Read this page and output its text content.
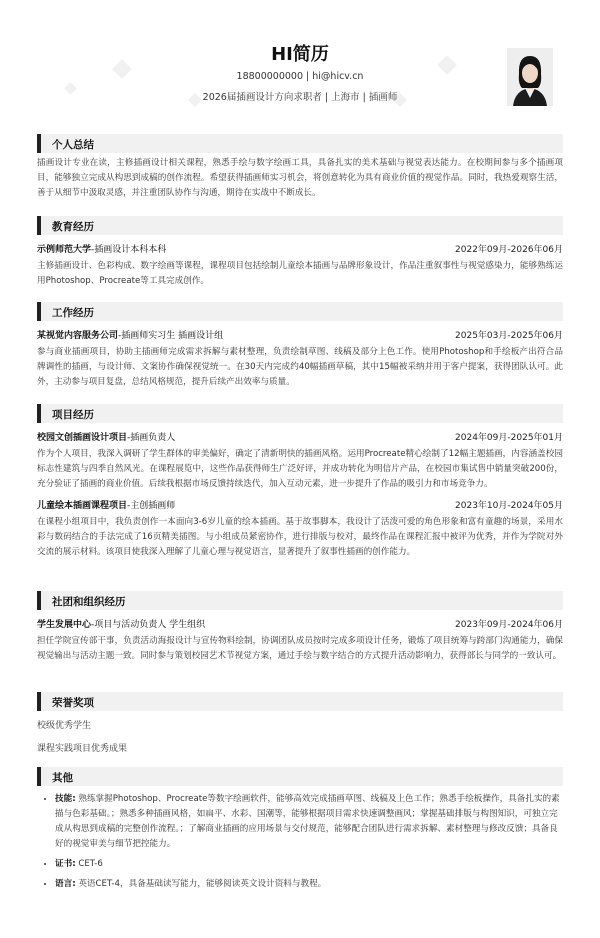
HI简历
18800000000 | hi@hicv.cn
2026届插画设计方向求职者 | 上海市 | 插画师
个人总结
插画设计专业在读，主修插画设计相关课程，熟悉手绘与数字绘画工具，具备扎实的美术基础与视觉表达能力。在校期间参与多个插画项目，能够独立完成从构思到成稿的创作流程。希望获得插画师实习机会，将创意转化为具有商业价值的视觉作品。同时，我热爱观察生活，善于从细节中汲取灵感，并注重团队协作与沟通，期待在实战中不断成长。
教育经历
示例师范大学-插画设计本科本科	2022年09月-2026年06月
主修插画设计、色彩构成、数字绘画等课程，课程项目包括绘制儿童绘本插画与品牌形象设计，作品注重叙事性与视觉感染力，能够熟练运用Photoshop、Procreate等工具完成创作。
工作经历
某视觉内容服务公司-插画师实习生 插画设计组	2025年03月-2025年06月
参与商业插画项目，协助主插画师完成需求拆解与素材整理，负责绘制草图、线稿及部分上色工作。使用Photoshop和手绘板产出符合品牌调性的插画，与设计师、文案协作确保视觉统一。在30天内完成约40幅插画草稿，其中15幅被采纳并用于客户提案，获得团队认可。此外，主动参与项目复盘，总结风格规范，提升后续产出效率与质量。
项目经历
校园文创插画设计项目-插画负责人	2024年09月-2025年01月
作为个人项目，我深入调研了学生群体的审美偏好，确定了清新明快的插画风格。运用Procreate精心绘制了12幅主题插画，内容涵盖校园标志性建筑与四季自然风光。在课程展览中，这些作品获得师生广泛好评，并成功转化为明信片产品，在校园市集试售中销量突破200份，充分验证了插画的商业价值。后续我根据市场反馈持续迭代，加入互动元素，进一步提升了作品的吸引力和市场竞争力。
儿童绘本插画课程项目-主创插画师	2023年10月-2024年05月
在课程小组项目中，我负责创作一本面向3-6岁儿童的绘本插画。基于故事脚本，我设计了活泼可爱的角色形象和富有童趣的场景，采用水彩与数码结合的手法完成了16页精美插图。与小组成员紧密协作，进行排版与校对，最终作品在课程汇报中被评为优秀，并作为学院对外交流的展示材料。该项目使我深入理解了儿童心理与视觉语言，显著提升了叙事性插画的创作能力。
社团和组织经历
学生发展中心-项目与活动负责人 学生组织	2023年09月-2024年06月
担任学院宣传部干事，负责活动海报设计与宣传物料绘制，协调团队成员按时完成多项设计任务，锻炼了项目统筹与跨部门沟通能力，确保视觉输出与活动主题一致。同时参与策划校园艺术节视觉方案，通过手绘与数字结合的方式提升活动影响力，获得部长与同学的一致认可。
荣誉奖项
校级优秀学生
课程实践项目优秀成果
其他
• 技能: 熟练掌握Photoshop、Procreate等数字绘画软件，能够高效完成插画草图、线稿及上色工作；熟悉手绘板操作，具备扎实的素描与色彩基础。；熟悉多种插画风格，如扁平、水彩、国潮等，能够根据项目需求快速调整画风；掌握基础排版与构图知识，可独立完成从构思到成稿的完整创作流程。；了解商业插画的应用场景与交付规范，能够配合团队进行需求拆解、素材整理与修改反馈；具备良好的视觉审美与细节把控能力。
• 证书: CET-6
• 语言: 英语CET-4，具备基础读写能力，能够阅读英文设计资料与教程。
